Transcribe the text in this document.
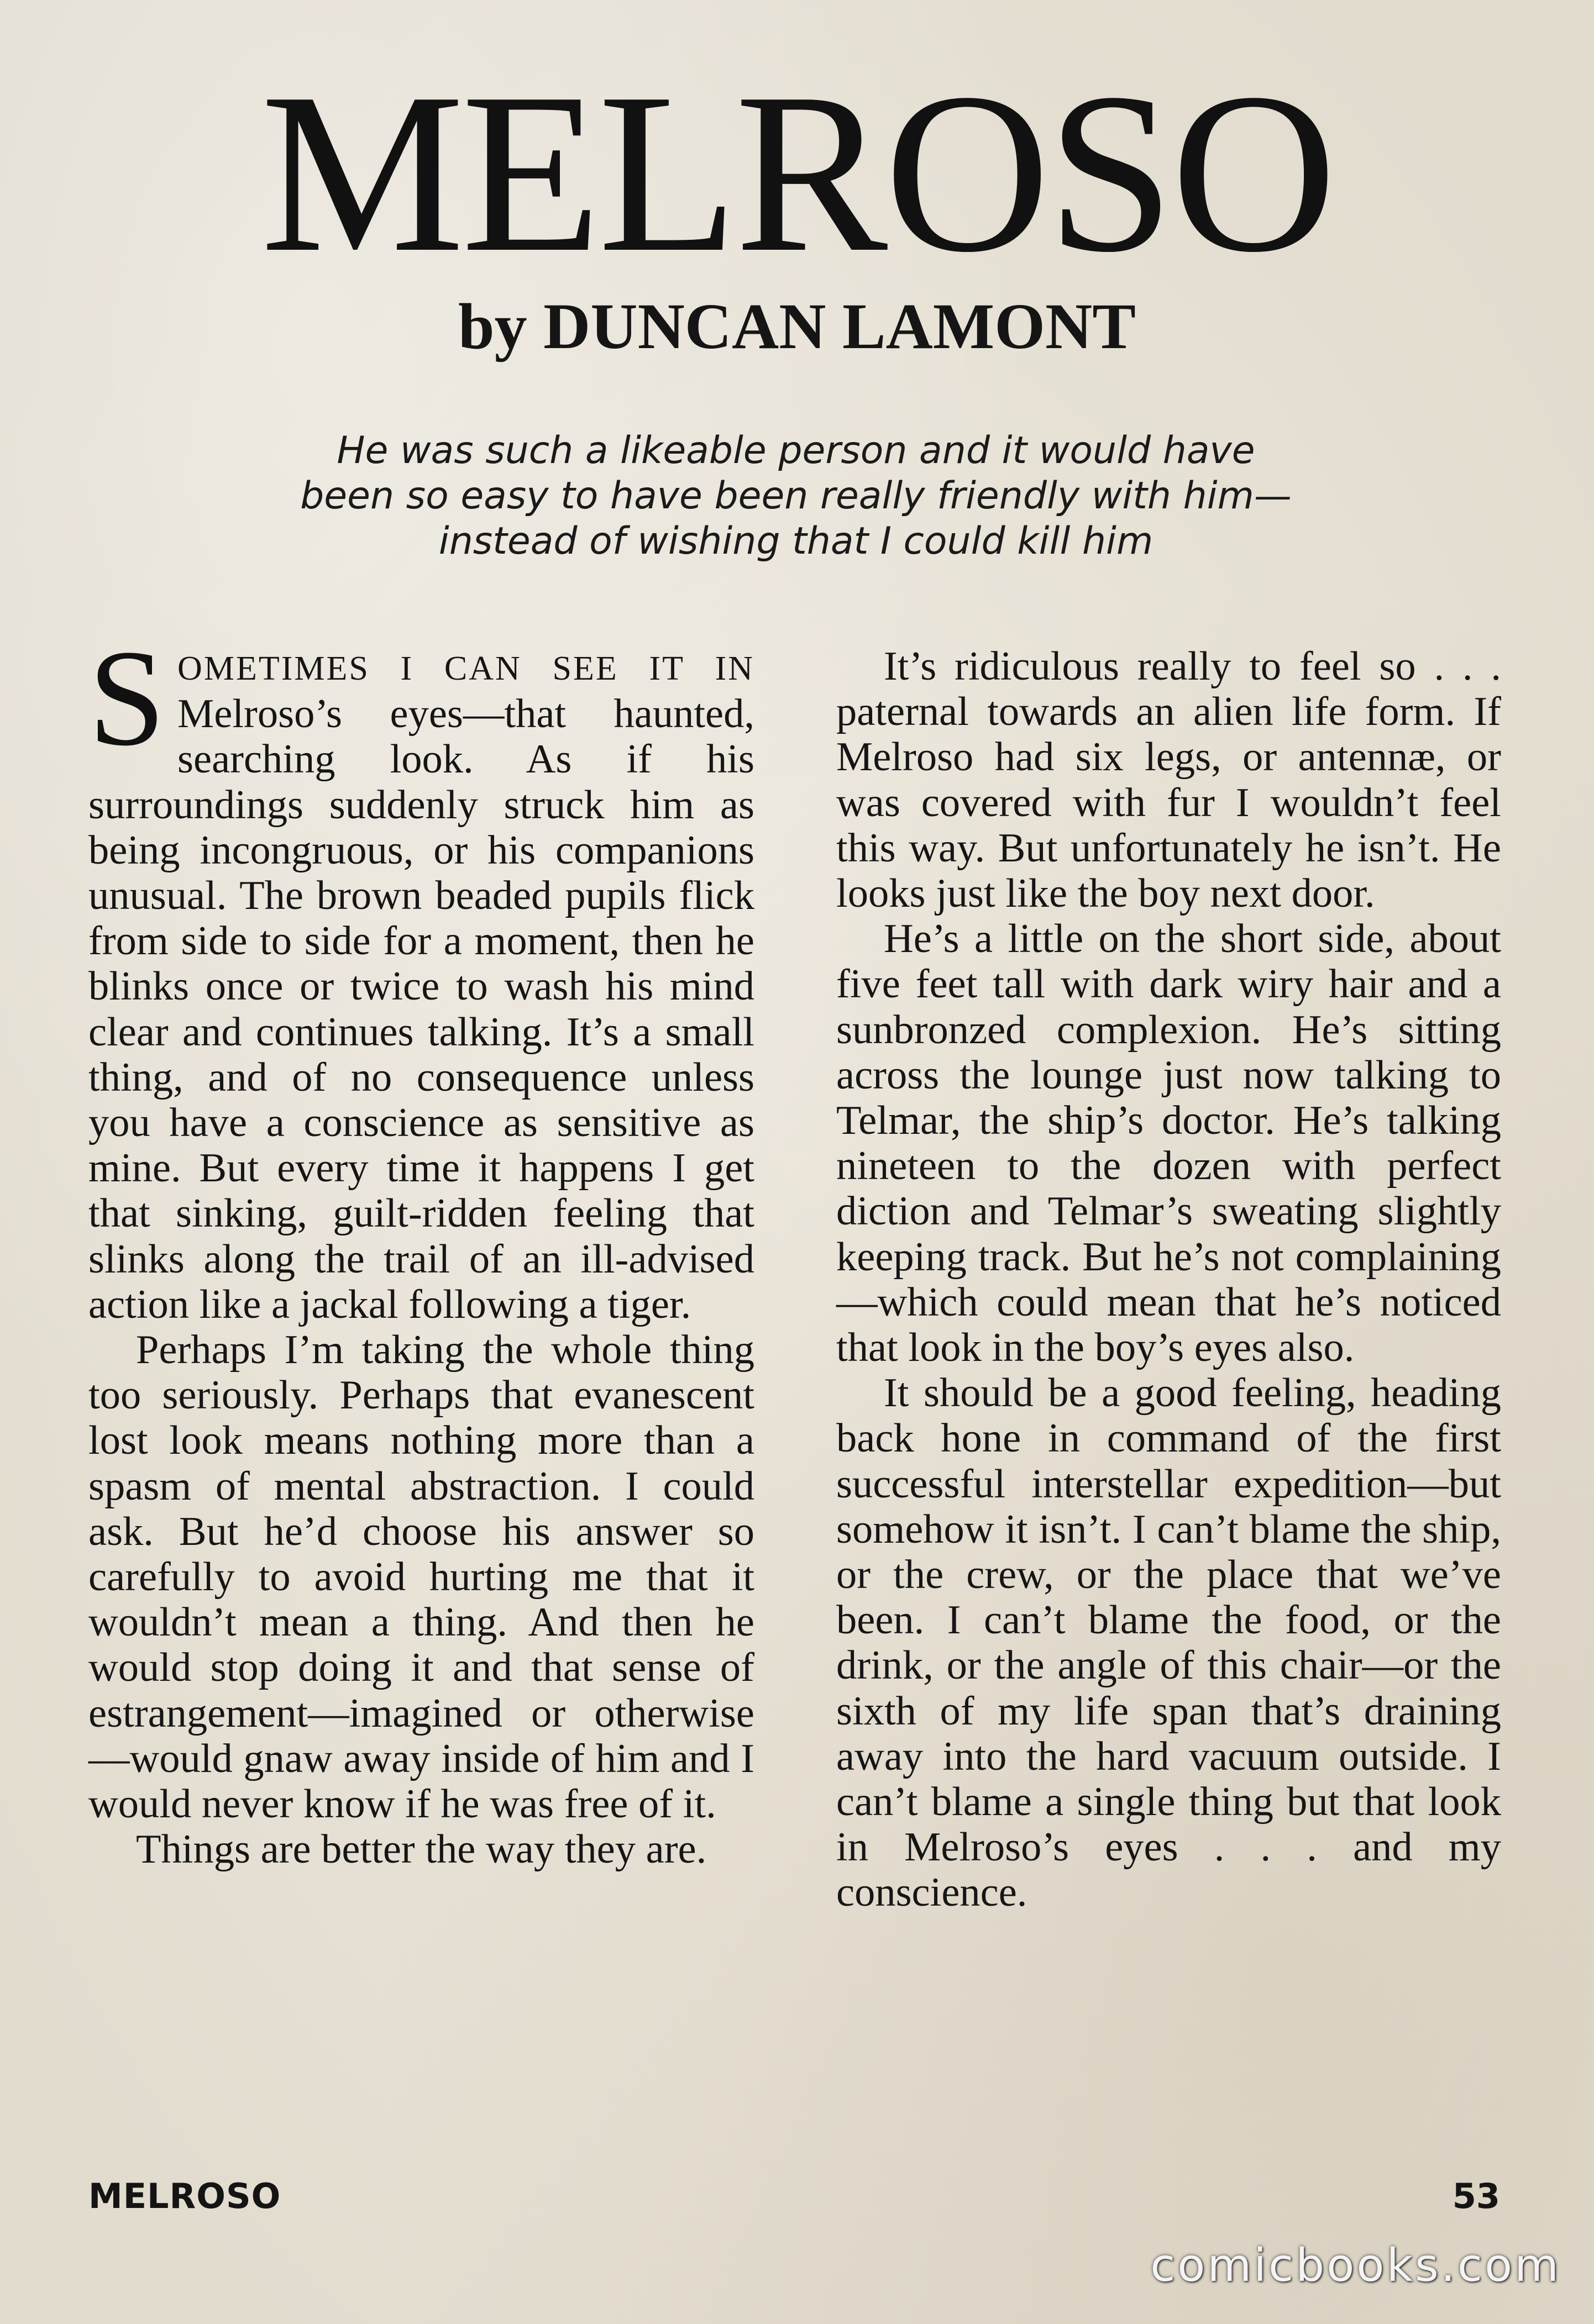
MELROSO
by DUNCAN LAMONT
He was such a likeable person and it would have been so easy to have been really friendly with him—instead of wishing that I could kill him

SOMETIMES I CAN SEE IT IN Melroso’s eyes—that haunted, searching look. As if his surroundings suddenly struck him as being incongruous, or his companions unusual. The brown beaded pupils flick from side to side for a moment, then he blinks once or twice to wash his mind clear and continues talking. It’s a small thing, and of no consequence unless you have a conscience as sensitive as mine. But every time it happens I get that sinking, guilt-ridden feeling that slinks along the trail of an ill-advised action like a jackal following a tiger.

Perhaps I’m taking the whole thing too seriously. Perhaps that evanescent lost look means nothing more than a spasm of mental abstraction. I could ask. But he’d choose his answer so carefully to avoid hurting me that it wouldn’t mean a thing. And then he would stop doing it and that sense of estrangement—imagined or otherwise—would gnaw away inside of him and I would never know if he was free of it.

Things are better the way they are.

It’s ridiculous really to feel so . . . paternal towards an alien life form. If Melroso had six legs, or antennæ, or was covered with fur I wouldn’t feel this way. But unfortunately he isn’t. He looks just like the boy next door.

He’s a little on the short side, about five feet tall with dark wiry hair and a sunbronzed complexion. He’s sitting across the lounge just now talking to Telmar, the ship’s doctor. He’s talking nineteen to the dozen with perfect diction and Telmar’s sweating slightly keeping track. But he’s not complaining—which could mean that he’s noticed that look in the boy’s eyes also.

It should be a good feeling, heading back hone in command of the first successful interstellar expedition—but somehow it isn’t. I can’t blame the ship, or the crew, or the place that we’ve been. I can’t blame the food, or the drink, or the angle of this chair—or the sixth of my life span that’s draining away into the hard vacuum outside. I can’t blame a single thing but that look in Melroso’s eyes . . . and my conscience.

MELROSO	53
comicbooks.com
